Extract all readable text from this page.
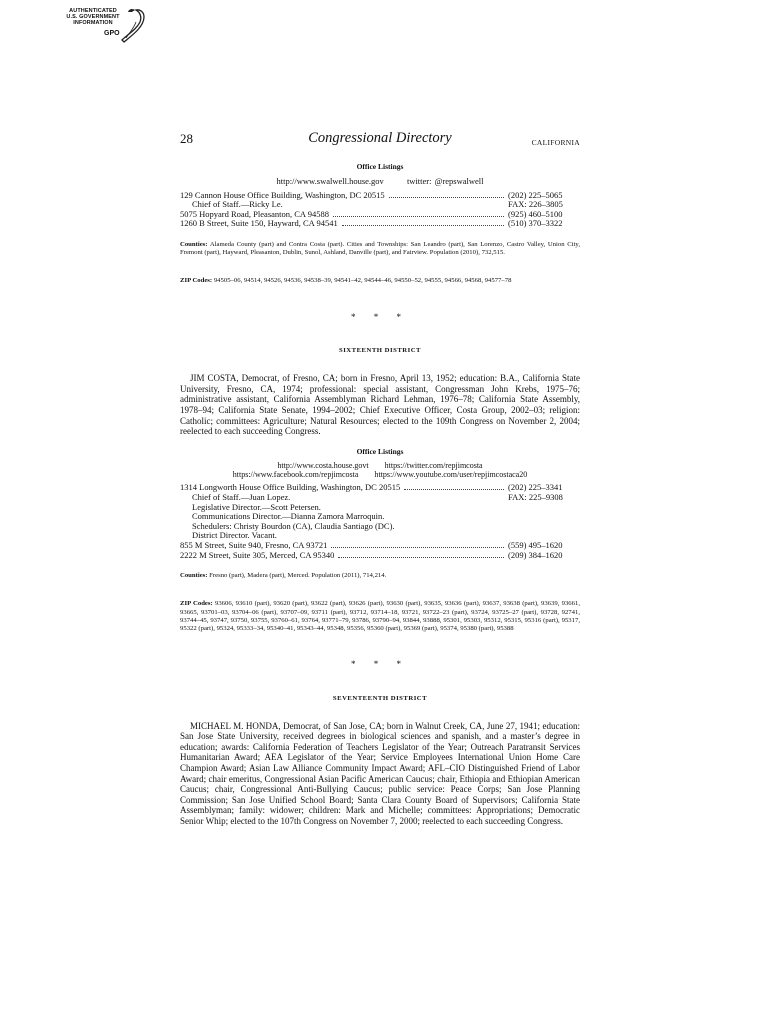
AUTHENTICATED
U.S. GOVERNMENT
INFORMATION
GPO
28	Congressional Directory	CALIFORNIA
Office Listings
http://www.swalwell.house.gov	twitter: @repswalwell
129 Cannon House Office Building, Washington, DC 20515	(202) 225–5065
Chief of Staff.—Ricky Le.	FAX: 226–3805
5075 Hopyard Road, Pleasanton, CA 94588	(925) 460–5100
1260 B Street, Suite 150, Hayward, CA 94541	(510) 370–3322
Counties: Alameda County (part) and Contra Costa (part). Cities and Townships: San Leandro (part), San Lorenzo, Castro Valley, Union City, Fremont (part), Hayward, Pleasanton, Dublin, Sunol, Ashland, Danville (part), and Fairview. Population (2010), 732,515.
ZIP Codes: 94505–06, 94514, 94526, 94536, 94538–39, 94541–42, 94544–46, 94550–52, 94555, 94566, 94568, 94577–78
* * *
SIXTEENTH DISTRICT
JIM COSTA, Democrat, of Fresno, CA; born in Fresno, April 13, 1952; education: B.A., California State University, Fresno, CA, 1974; professional: special assistant, Congressman John Krebs, 1975–76; administrative assistant, California Assemblyman Richard Lehman, 1976–78; California State Assembly, 1978–94; California State Senate, 1994–2002; Chief Executive Officer, Costa Group, 2002–03; religion: Catholic; committees: Agriculture; Natural Resources; elected to the 109th Congress on November 2, 2004; reelected to each succeeding Congress.
Office Listings
http://www.costa.house.govt https://twitter.com/repjimcosta
https://www.facebook.com/repjimcosta https://www.youtube.com/user/repjimcostaca20
1314 Longworth House Office Building, Washington, DC 20515	(202) 225–3341
Chief of Staff.—Juan Lopez.	FAX: 225–9308
Legislative Director.—Scott Petersen.
Communications Director.—Dianna Zamora Marroquin.
Schedulers: Christy Bourdon (CA), Claudia Santiago (DC).
District Director. Vacant.
855 M Street, Suite 940, Fresno, CA 93721	(559) 495–1620
2222 M Street, Suite 305, Merced, CA 95340	(209) 384–1620
Counties: Fresno (part), Madera (part), Merced. Population (2011), 714,214.
ZIP Codes: 93606, 93610 (part), 93620 (part), 93622 (part), 93626 (part), 93630 (part), 93635, 93636 (part), 93637, 93638 (part), 93639, 93661, 93665, 93701–03, 93704–06 (part), 93707–09, 93711 (part), 93712, 93714–18, 93721, 93722–23 (part), 93724, 93725–27 (part), 93728, 92741, 93744–45, 93747, 93750, 93755, 93760–61, 93764, 93771–79, 93786, 93790–94, 93844, 93888, 95301, 95303, 95312, 95315, 95316 (part), 95317, 95322 (part), 95324, 95333–34, 95340–41, 95343–44, 95348, 95356, 95360 (part), 95369 (part), 95374, 95380 (part), 95388
* * *
SEVENTEENTH DISTRICT
MICHAEL M. HONDA, Democrat, of San Jose, CA; born in Walnut Creek, CA, June 27, 1941; education: San Jose State University, received degrees in biological sciences and spanish, and a master’s degree in education; awards: California Federation of Teachers Legislator of the Year; Outreach Paratransit Services Humanitarian Award; AEA Legislator of the Year; Service Employees International Union Home Care Champion Award; Asian Law Alliance Community Impact Award; AFL–CIO Distinguished Friend of Labor Award; chair emeritus, Congressional Asian Pacific American Caucus; chair, Ethiopia and Ethiopian American Caucus; chair, Congressional Anti-Bullying Caucus; public service: Peace Corps; San Jose Planning Commission; San Jose Unified School Board; Santa Clara County Board of Supervisors; California State Assemblyman; family: widower; children: Mark and Michelle; committees: Appropriations; Democratic Senior Whip; elected to the 107th Congress on November 7, 2000; reelected to each succeeding Congress.
